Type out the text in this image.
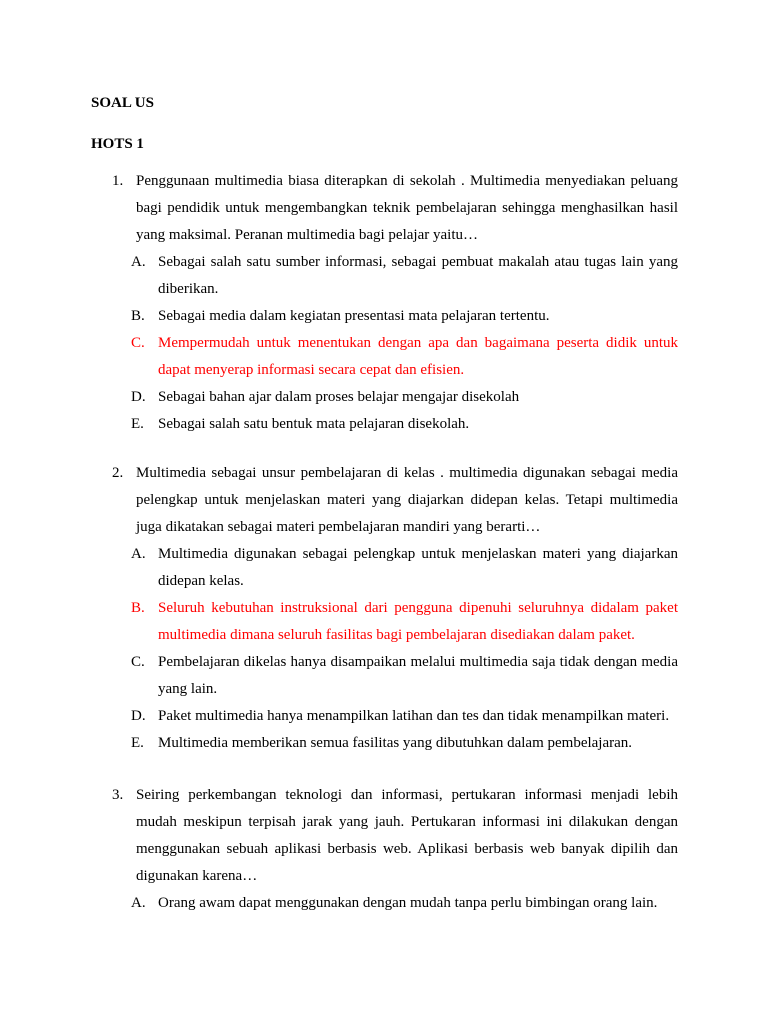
SOAL US
HOTS 1
1. Penggunaan multimedia biasa diterapkan di sekolah . Multimedia menyediakan peluang bagi pendidik untuk mengembangkan teknik pembelajaran sehingga menghasilkan hasil yang maksimal. Peranan multimedia bagi pelajar yaitu…
A. Sebagai salah satu sumber informasi, sebagai pembuat makalah atau tugas lain yang diberikan.
B. Sebagai media dalam kegiatan presentasi mata pelajaran tertentu.
C. Mempermudah untuk menentukan dengan apa dan bagaimana peserta didik untuk dapat menyerap informasi secara cepat dan efisien.
D. Sebagai bahan ajar dalam proses belajar mengajar disekolah
E. Sebagai salah satu bentuk mata pelajaran disekolah.
2. Multimedia sebagai unsur pembelajaran di kelas . multimedia digunakan sebagai media pelengkap untuk menjelaskan materi yang diajarkan didepan kelas. Tetapi multimedia juga dikatakan sebagai materi pembelajaran mandiri yang berarti…
A. Multimedia digunakan sebagai pelengkap untuk menjelaskan materi yang diajarkan didepan kelas.
B. Seluruh kebutuhan instruksional dari pengguna dipenuhi seluruhnya didalam paket multimedia dimana seluruh fasilitas bagi pembelajaran disediakan dalam paket.
C. Pembelajaran dikelas hanya disampaikan melalui multimedia saja tidak dengan media yang lain.
D. Paket multimedia hanya menampilkan latihan dan tes dan tidak menampilkan materi.
E. Multimedia memberikan semua fasilitas yang dibutuhkan dalam pembelajaran.
3. Seiring perkembangan teknologi dan informasi, pertukaran informasi menjadi lebih mudah meskipun terpisah jarak yang jauh. Pertukaran informasi ini dilakukan dengan menggunakan sebuah aplikasi berbasis web. Aplikasi berbasis web banyak dipilih dan digunakan karena…
A. Orang awam dapat menggunakan dengan mudah tanpa perlu bimbingan orang lain.
